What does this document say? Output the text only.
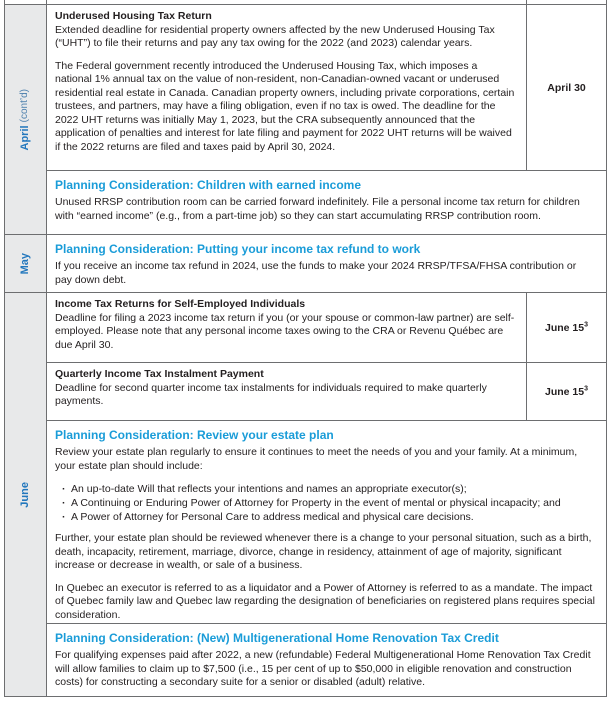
April (cont’d)
Underused Housing Tax Return

Extended deadline for residential property owners affected by the new Underused Housing Tax (“UHT”) to file their returns and pay any tax owing for the 2022 (and 2023) calendar years.

The Federal government recently introduced the Underused Housing Tax, which imposes a national 1% annual tax on the value of non-resident, non-Canadian-owned vacant or underused residential real estate in Canada. Canadian property owners, including private corporations, certain trustees, and partners, may have a filing obligation, even if no tax is owed. The deadline for the 2022 UHT returns was initially May 1, 2023, but the CRA subsequently announced that the application of penalties and interest for late filing and payment for 2022 UHT returns will be waived if the 2022 returns are filed and taxes paid by April 30, 2024.

April 30
Planning Consideration: Children with earned income

Unused RRSP contribution room can be carried forward indefinitely. File a personal income tax return for children with “earned income” (e.g., from a part-time job) so they can start accumulating RRSP contribution room.

May
Planning Consideration: Putting your income tax refund to work

If you receive an income tax refund in 2024, use the funds to make your 2024 RRSP/TFSA/FHSA contribution or pay down debt.

June
Income Tax Returns for Self-Employed Individuals

Deadline for filing a 2023 income tax return if you (or your spouse or common-law partner) are self-employed. Please note that any personal income taxes owing to the CRA or Revenu Québec are due April 30.

June $15^3$
Quarterly Income Tax Instalment Payment

Deadline for second quarter income tax instalments for individuals required to make quarterly payments.

June $15^3$
Planning Consideration: Review your estate plan

Review your estate plan regularly to ensure it continues to meet the needs of you and your family. At a minimum, your estate plan should include:

· An up-to-date Will that reflects your intentions and names an appropriate executor(s);
· A Continuing or Enduring Power of Attorney for Property in the event of mental or physical incapacity; and
· A Power of Attorney for Personal Care to address medical and physical care decisions.

Further, your estate plan should be reviewed whenever there is a change to your personal situation, such as a birth, death, incapacity, retirement, marriage, divorce, change in residency, attainment of age of majority, significant increase or decrease in wealth, or sale of a business.

In Quebec an executor is referred to as a liquidator and a Power of Attorney is referred to as a mandate. The impact of Quebec family law and Quebec law regarding the designation of beneficiaries on registered plans requires special consideration.

Planning Consideration: (New) Multigenerational Home Renovation Tax Credit

For qualifying expenses paid after 2022, a new (refundable) Federal Multigenerational Home Renovation Tax Credit will allow families to claim up to $7,500 (i.e., 15 per cent of up to $50,000 in eligible renovation and construction costs) for constructing a secondary suite for a senior or disabled (adult) relative.
